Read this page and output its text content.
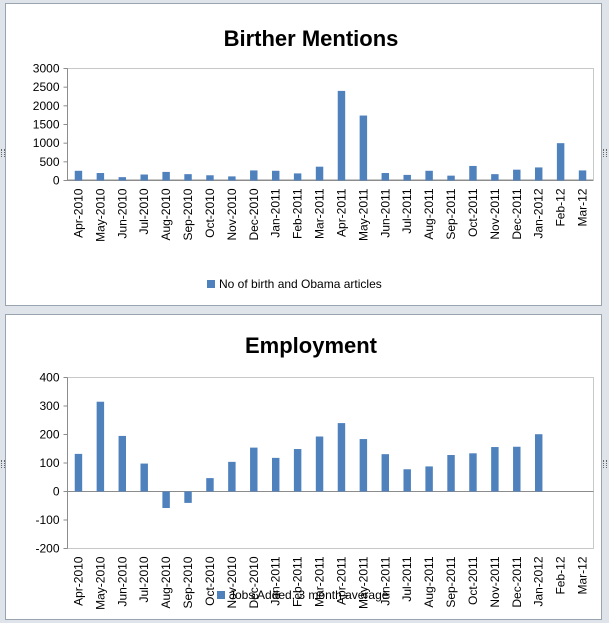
Birther Mentions
0
500
1000
1500
2000
2500
3000
Apr-2010 May-2010 Jun-2010 Jul-2010 Aug-2010 Sep-2010 Oct-2010 Nov-2010 Dec-2010 Jan-2011 Feb-2011 Mar-2011 Apr-2011 May-2011 Jun-2011 Jul-2011 Aug-2011 Sep-2011 Oct-2011 Nov-2011 Dec-2011 Jan-2012 Feb-12 Mar-12
No of birth and Obama articles
Employment
-200
-100
0
100
200
300
400
Apr-2010 May-2010 Jun-2010 Jul-2010 Aug-2010 Sep-2010 Oct-2010 Nov-2010 Dec-2010 Jan-2011 Feb-2011 Mar-2011 Apr-2011 May-2011 Jun-2011 Jul-2011 Aug-2011 Sep-2011 Oct-2011 Nov-2011 Dec-2011 Jan-2012 Feb-12 Mar-12
Jobs Added, 3 month average
